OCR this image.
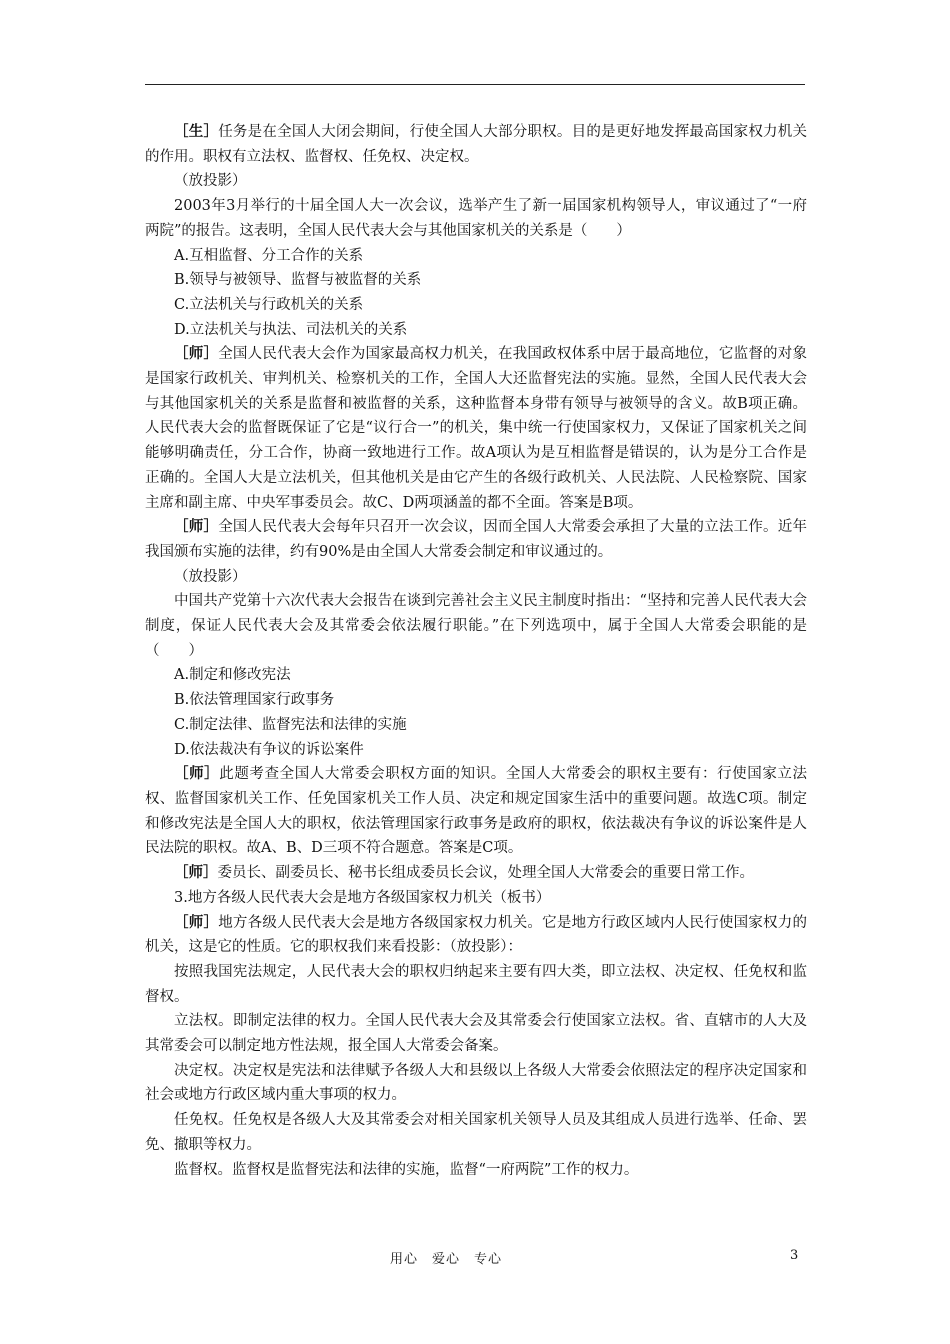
［生］任务是在全国人大闭会期间，行使全国人大部分职权。目的是更好地发挥最高国家权力机关的作用。职权有立法权、监督权、任免权、决定权。

（放投影）

2003年3月举行的十届全国人大一次会议，选举产生了新一届国家机构领导人，审议通过了“一府两院”的报告。这表明，全国人民代表大会与其他国家机关的关系是（　　）

A.互相监督、分工合作的关系

B.领导与被领导、监督与被监督的关系

C.立法机关与行政机关的关系

D.立法机关与执法、司法机关的关系

［师］全国人民代表大会作为国家最高权力机关，在我国政权体系中居于最高地位，它监督的对象是国家行政机关、审判机关、检察机关的工作，全国人大还监督宪法的实施。显然，全国人民代表大会与其他国家机关的关系是监督和被监督的关系，这种监督本身带有领导与被领导的含义。故B项正确。人民代表大会的监督既保证了它是“议行合一”的机关，集中统一行使国家权力，又保证了国家机关之间能够明确责任，分工合作，协商一致地进行工作。故A项认为是互相监督是错误的，认为是分工合作是正确的。全国人大是立法机关，但其他机关是由它产生的各级行政机关、人民法院、人民检察院、国家主席和副主席、中央军事委员会。故C、D两项涵盖的都不全面。答案是B项。

［师］全国人民代表大会每年只召开一次会议，因而全国人大常委会承担了大量的立法工作。近年我国颁布实施的法律，约有90%是由全国人大常委会制定和审议通过的。

（放投影）

中国共产党第十六次代表大会报告在谈到完善社会主义民主制度时指出：“坚持和完善人民代表大会制度，保证人民代表大会及其常委会依法履行职能。”在下列选项中，属于全国人大常委会职能的是（　　）

A.制定和修改宪法

B.依法管理国家行政事务

C.制定法律、监督宪法和法律的实施

D.依法裁决有争议的诉讼案件

［师］此题考查全国人大常委会职权方面的知识。全国人大常委会的职权主要有：行使国家立法权、监督国家机关工作、任免国家机关工作人员、决定和规定国家生活中的重要问题。故选C项。制定和修改宪法是全国人大的职权，依法管理国家行政事务是政府的职权，依法裁决有争议的诉讼案件是人民法院的职权。故A、B、D三项不符合题意。答案是C项。

［师］委员长、副委员长、秘书长组成委员长会议，处理全国人大常委会的重要日常工作。

3.地方各级人民代表大会是地方各级国家权力机关（板书）

［师］地方各级人民代表大会是地方各级国家权力机关。它是地方行政区域内人民行使国家权力的机关，这是它的性质。它的职权我们来看投影：（放投影）：

按照我国宪法规定，人民代表大会的职权归纳起来主要有四大类，即立法权、决定权、任免权和监督权。

立法权。即制定法律的权力。全国人民代表大会及其常委会行使国家立法权。省、直辖市的人大及其常委会可以制定地方性法规，报全国人大常委会备案。

决定权。决定权是宪法和法律赋予各级人大和县级以上各级人大常委会依照法定的程序决定国家和社会或地方行政区域内重大事项的权力。

任免权。任免权是各级人大及其常委会对相关国家机关领导人员及其组成人员进行选举、任命、罢免、撤职等权力。

监督权。监督权是监督宪法和法律的实施，监督“一府两院”工作的权力。

用心　爱心　专心	3
